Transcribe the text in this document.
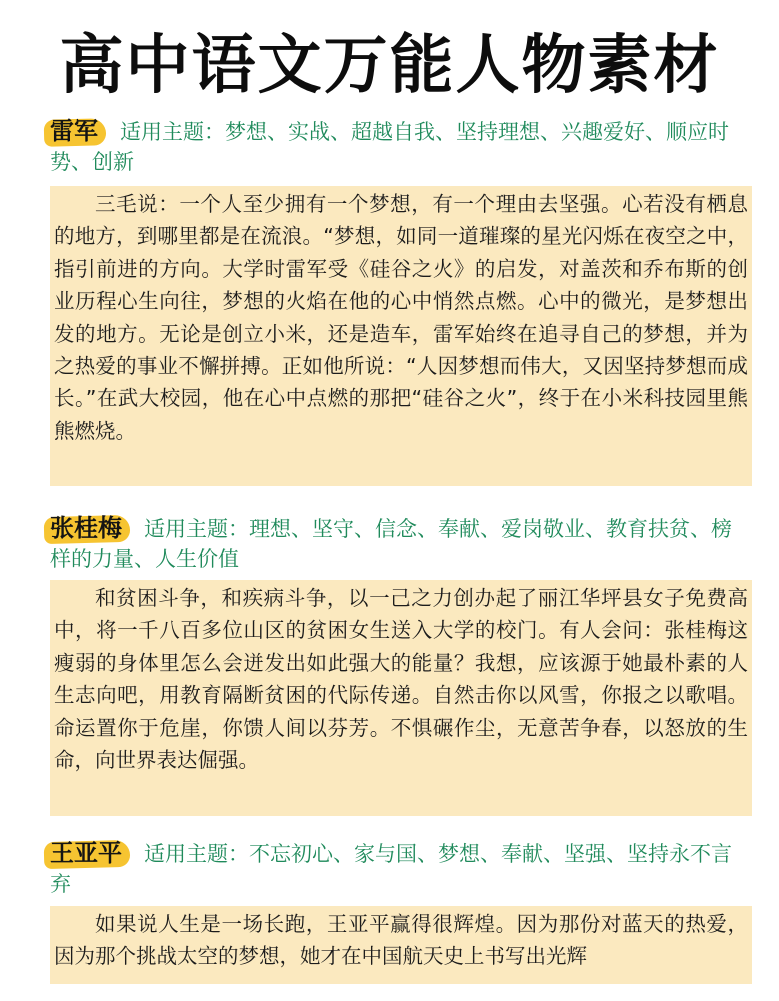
高中语文万能人物素材
雷军 适用主题：梦想、实战、超越自我、坚持理想、兴趣爱好、顺应时势、创新
三毛说：一个人至少拥有一个梦想，有一个理由去坚强。心若没有栖息的地方，到哪里都是在流浪。“梦想，如同一道璀璨的星光闪烁在夜空之中，指引前进的方向。大学时雷军受《硅谷之火》的启发，对盖茨和乔布斯的创业历程心生向往，梦想的火焰在他的心中悄然点燃。心中的微光，是梦想出发的地方。无论是创立小米，还是造车，雷军始终在追寻自己的梦想，并为之热爱的事业不懈拼搏。正如他所说：“人因梦想而伟大，又因坚持梦想而成长。”在武大校园，他在心中点燃的那把“硅谷之火”，终于在小米科技园里熊熊燃烧。
张桂梅 适用主题：理想、坚守、信念、奉献、爱岗敬业、教育扶贫、榜样的力量、人生价值
和贫困斗争，和疾病斗争，以一己之力创办起了丽江华坪县女子免费高中，将一千八百多位山区的贫困女生送入大学的校门。有人会问：张桂梅这瘦弱的身体里怎么会迸发出如此强大的能量？我想，应该源于她最朴素的人生志向吧，用教育隔断贫困的代际传递。自然击你以风雪，你报之以歌唱。命运置你于危崖，你馈人间以芬芳。不惧碾作尘，无意苦争春，以怒放的生命，向世界表达倔强。
王亚平 适用主题：不忘初心、家与国、梦想、奉献、坚强、坚持永不言弃
如果说人生是一场长跑，王亚平赢得很辉煌。因为那份对蓝天的热爱，因为那个挑战太空的梦想，她才在中国航天史上书写出光辉
